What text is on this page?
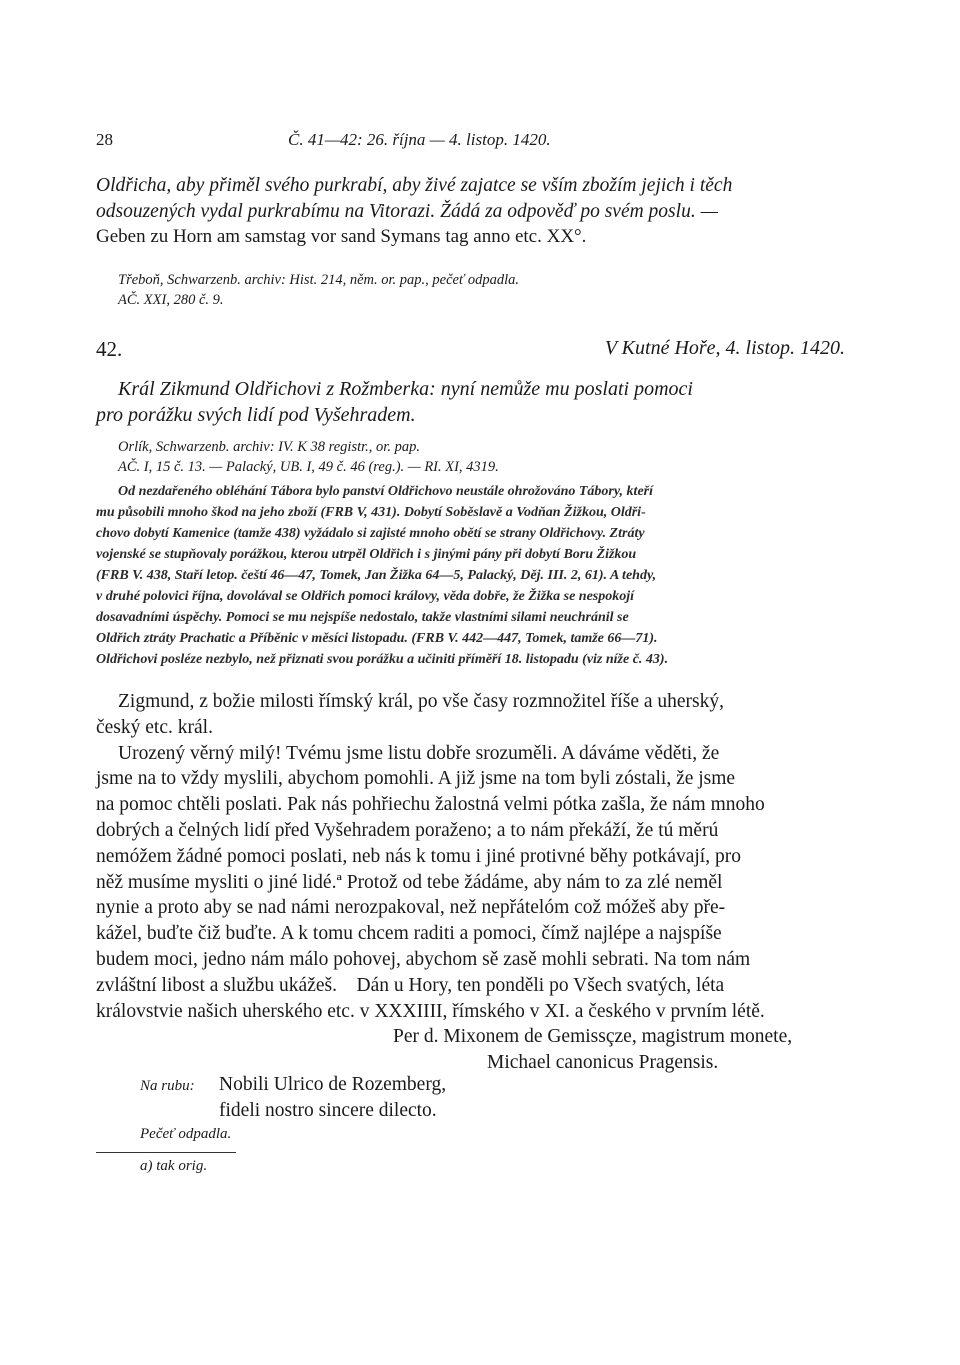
28	Č. 41—42: 26. října — 4. listop. 1420.
Oldřicha, aby přiměl svého purkrabí, aby živé zajatce se vším zbožím jejich i těch
odsouzených vydal purkrabímu na Vitorazi. Žádá za odpověď po svém poslu. —
Geben zu Horn am samstag vor sand Symans tag anno etc. XX°.
Třeboň, Schwarzenb. archiv: Hist. 214, něm. or. pap., pečeť odpadla.
AČ. XXI, 280 č. 9.
42.	V Kutné Hoře, 4. listop. 1420.
Král Zikmund Oldřichovi z Rožmberka: nyní nemůže mu poslati pomoci
pro porážku svých lidí pod Vyšehradem.
Orlík, Schwarzenb. archiv: IV. K 38 registr., or. pap.
AČ. I, 15 č. 13. — Palacký, UB. I, 49 č. 46 (reg.). — RI. XI, 4319.
Od nezdařeného obléhání Tábora bylo panství Oldřichovo neustále ohrožováno Tábory, kteří
mu působili mnoho škod na jeho zboží (FRB V, 431). Dobytí Soběslavě a Vodňan Žižkou, Oldři-
chovo dobytí Kamenice (tamže 438) vyžádalo si zajisté mnoho obětí se strany Oldřichovy. Ztráty
vojenské se stupňovaly porážkou, kterou utrpěl Oldřich i s jinými pány při dobytí Boru Žižkou
(FRB V. 438, Staří letop. čeští 46—47, Tomek, Jan Žižka 64—5, Palacký, Děj. III. 2, 61). A tehdy,
v druhé polovici října, dovolával se Oldřich pomoci královy, věda dobře, že Žižka se nespokojí
dosavadními úspěchy. Pomoci se mu nejspíše nedostalo, takže vlastními silami neuchránil se
Oldřich ztráty Prachatic a Příběnic v měsíci listopadu. (FRB V. 442—447, Tomek, tamže 66—71).
Oldřichovi posléze nezbylo, než přiznati svou porážku a učiniti příměří 18. listopadu (viz níže č. 43).
Zigmund, z božie milosti římský král, po vše časy rozmnožitel říše a uherský,
český etc. král.
Urozený věrný milý! Tvému jsme listu dobře srozuměli. A dáváme věděti, že
jsme na to vždy myslili, abychom pomohli. A již jsme na tom byli zóstali, že jsme
na pomoc chtěli poslati. Pak nás pohřiechu žalostná velmi pótka zašla, že nám mnoho
dobrých a čelných lidí před Vyšehradem poraženo; a to nám překáží, že tú měrú
nemóžem žádné pomoci poslati, neb nás k tomu i jiné protivné běhy potkávají, pro
něž musíme mysliti o jiné lidé.ª Protož od tebe žádáme, aby nám to za zlé neměl
nynie a proto aby se nad námi nerozpakoval, než nepřátelóm což móžeš aby pře-
kážel, buďte čiž buďte. A k tomu chcem raditi a pomoci, čímž najlépe a najspíše
budem moci, jedno nám málo pohovej, abychom sě zasě mohli sebrati. Na tom nám
zvláštní libost a službu ukážeš.    Dán u Hory, ten ponděli po Všech svatých, léta
královstvie našich uherského etc. v XXXIIII, římského v XI. a českého v prvním létě.
Per d. Mixonem de Gemissçze, magistrum monete,
Michael canonicus Pragensis.
Na rubu: Nobili Ulrico de Rozemberg,
fideli nostro sincere dilecto.
Pečeť odpadla.
a) tak orig.
